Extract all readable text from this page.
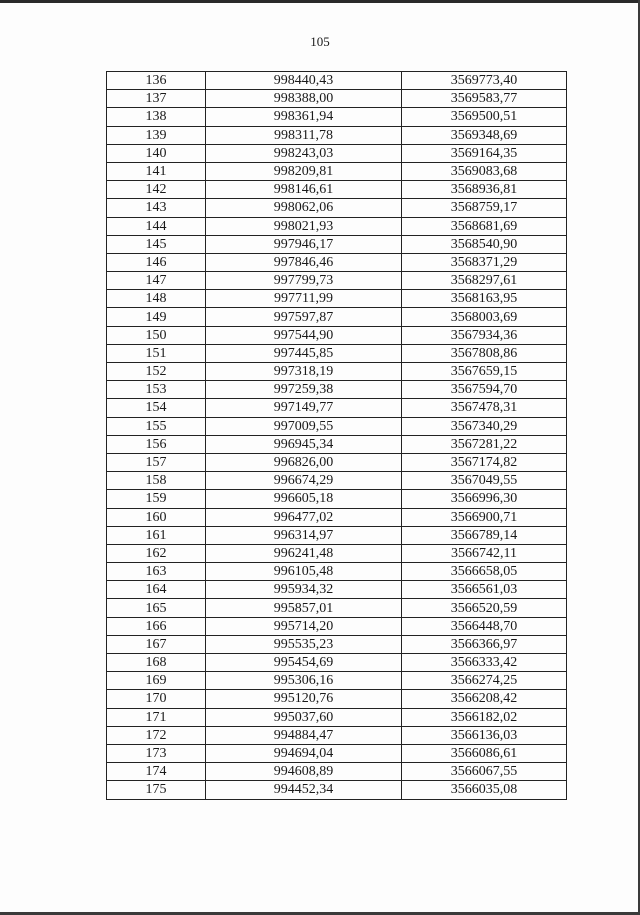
105
136	998440,43	3569773,40
137	998388,00	3569583,77
138	998361,94	3569500,51
139	998311,78	3569348,69
140	998243,03	3569164,35
141	998209,81	3569083,68
142	998146,61	3568936,81
143	998062,06	3568759,17
144	998021,93	3568681,69
145	997946,17	3568540,90
146	997846,46	3568371,29
147	997799,73	3568297,61
148	997711,99	3568163,95
149	997597,87	3568003,69
150	997544,90	3567934,36
151	997445,85	3567808,86
152	997318,19	3567659,15
153	997259,38	3567594,70
154	997149,77	3567478,31
155	997009,55	3567340,29
156	996945,34	3567281,22
157	996826,00	3567174,82
158	996674,29	3567049,55
159	996605,18	3566996,30
160	996477,02	3566900,71
161	996314,97	3566789,14
162	996241,48	3566742,11
163	996105,48	3566658,05
164	995934,32	3566561,03
165	995857,01	3566520,59
166	995714,20	3566448,70
167	995535,23	3566366,97
168	995454,69	3566333,42
169	995306,16	3566274,25
170	995120,76	3566208,42
171	995037,60	3566182,02
172	994884,47	3566136,03
173	994694,04	3566086,61
174	994608,89	3566067,55
175	994452,34	3566035,08
